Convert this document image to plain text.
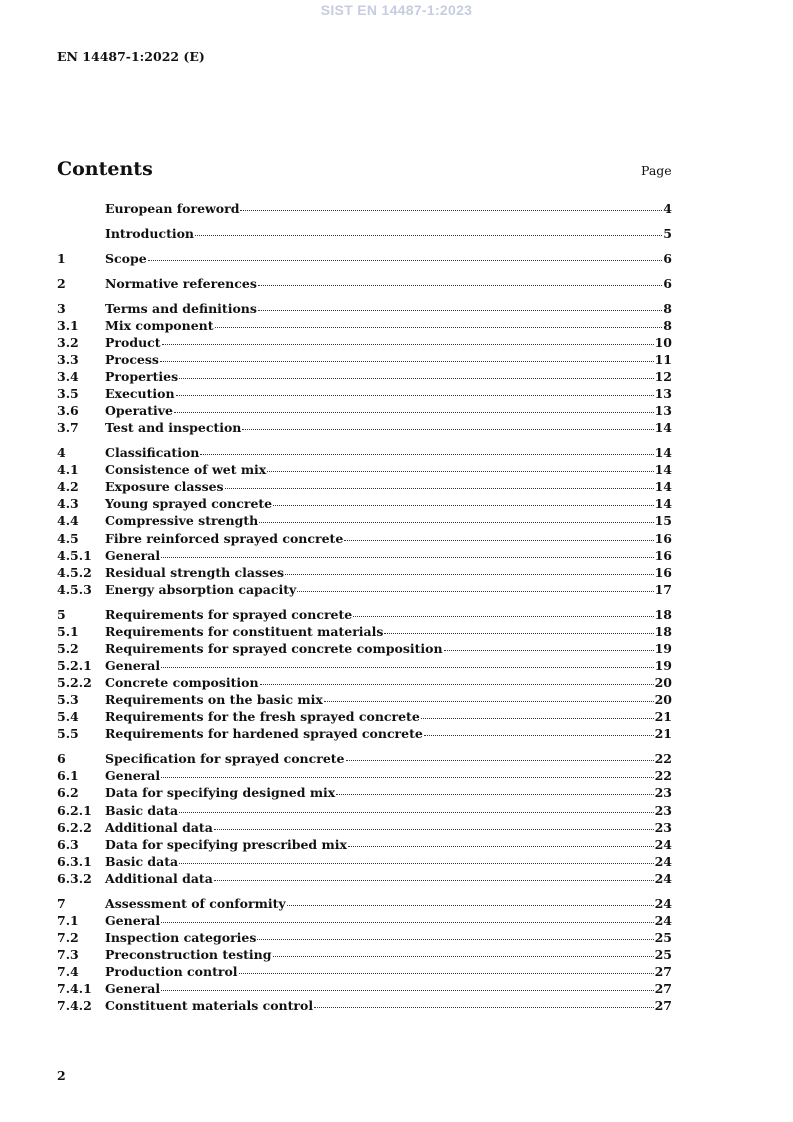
SIST EN 14487-1:2023
EN 14487-1:2022 (E)
Contents	Page
European foreword	4
Introduction	5
1	Scope	6
2	Normative references	6
3	Terms and definitions	8
3.1	Mix component	8
3.2	Product	10
3.3	Process	11
3.4	Properties	12
3.5	Execution	13
3.6	Operative	13
3.7	Test and inspection	14
4	Classification	14
4.1	Consistence of wet mix	14
4.2	Exposure classes	14
4.3	Young sprayed concrete	14
4.4	Compressive strength	15
4.5	Fibre reinforced sprayed concrete	16
4.5.1	General	16
4.5.2	Residual strength classes	16
4.5.3	Energy absorption capacity	17
5	Requirements for sprayed concrete	18
5.1	Requirements for constituent materials	18
5.2	Requirements for sprayed concrete composition	19
5.2.1	General	19
5.2.2	Concrete composition	20
5.3	Requirements on the basic mix	20
5.4	Requirements for the fresh sprayed concrete	21
5.5	Requirements for hardened sprayed concrete	21
6	Specification for sprayed concrete	22
6.1	General	22
6.2	Data for specifying designed mix	23
6.2.1	Basic data	23
6.2.2	Additional data	23
6.3	Data for specifying prescribed mix	24
6.3.1	Basic data	24
6.3.2	Additional data	24
7	Assessment of conformity	24
7.1	General	24
7.2	Inspection categories	25
7.3	Preconstruction testing	25
7.4	Production control	27
7.4.1	General	27
7.4.2	Constituent materials control	27
2
